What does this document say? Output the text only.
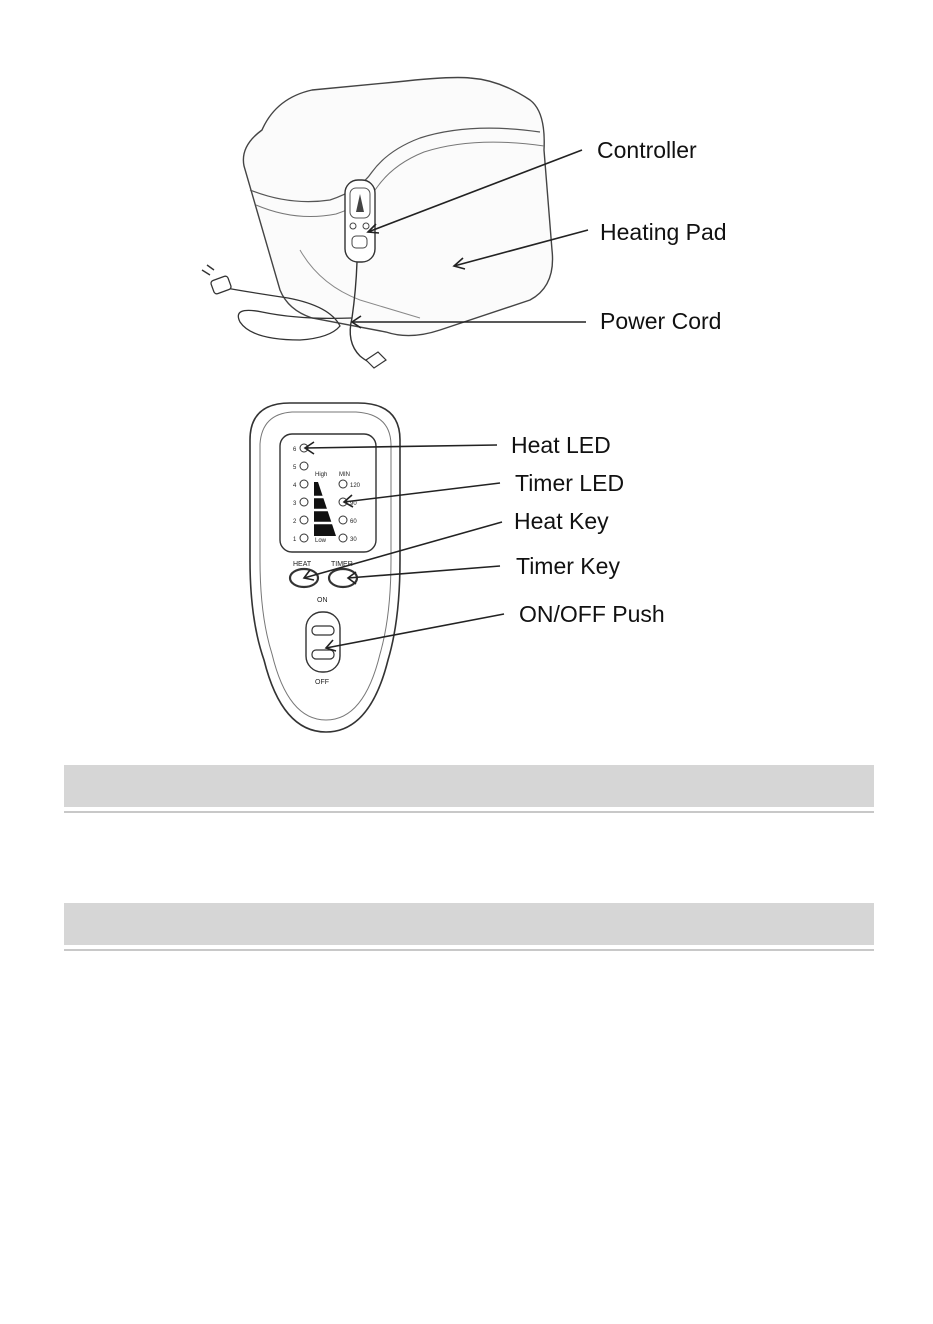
Controller
Heating Pad
Power Cord
6
5
4
3
2
1
High
Low
MIN
120
90
60
30
HEAT	TIMER
ON
OFF
Heat LED
Timer LED
Heat Key
Timer Key
ON/OFF Push
